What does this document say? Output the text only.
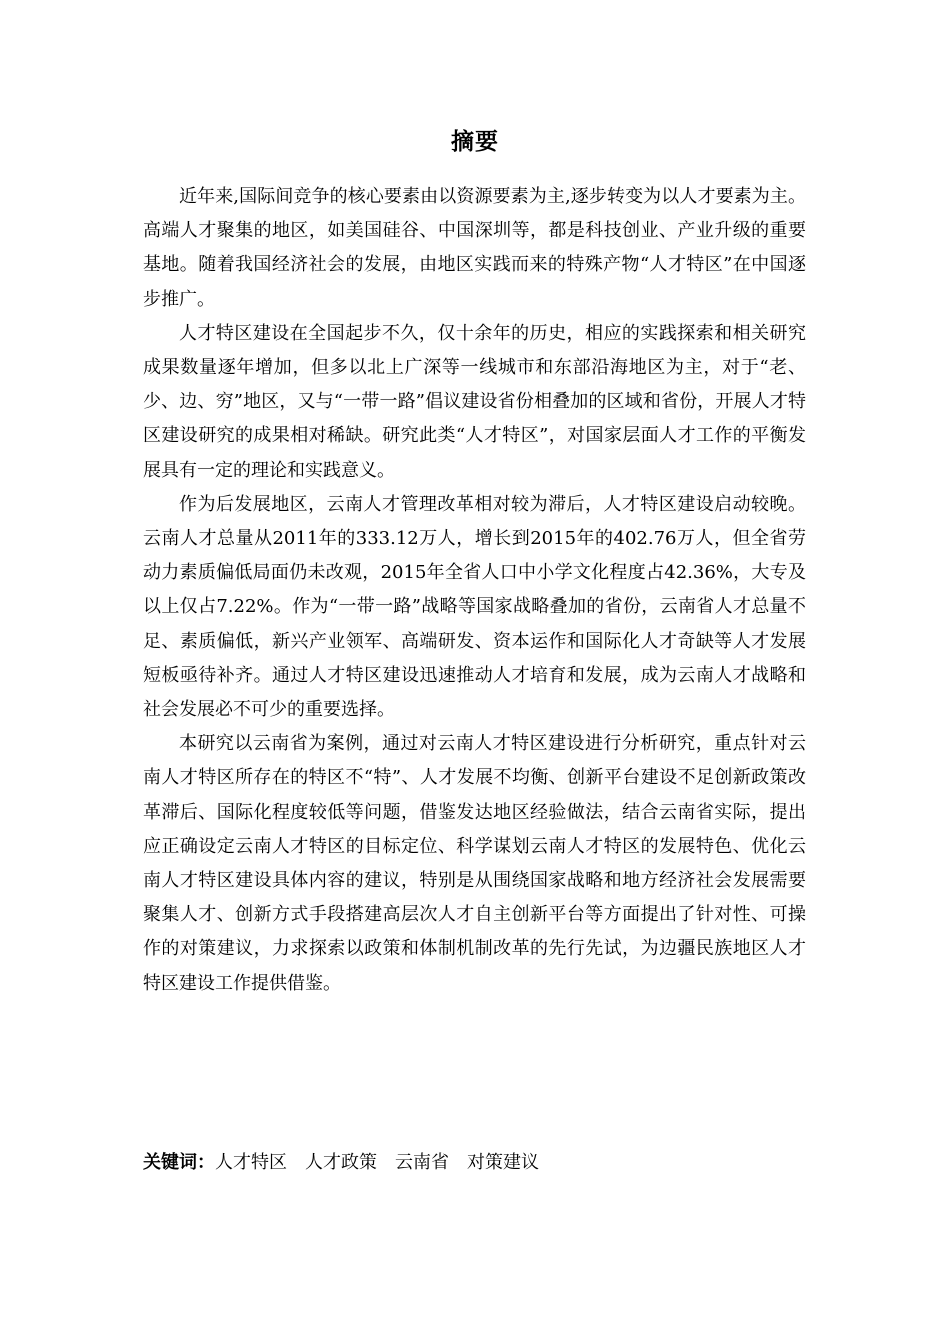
摘要

近年来,国际间竞争的核心要素由以资源要素为主,逐步转变为以人才要素为主。高端人才聚集的地区，如美国硅谷、中国深圳等，都是科技创业、产业升级的重要基地。随着我国经济社会的发展，由地区实践而来的特殊产物“人才特区”在中国逐步推广。

人才特区建设在全国起步不久，仅十余年的历史，相应的实践探索和相关研究成果数量逐年增加，但多以北上广深等一线城市和东部沿海地区为主，对于“老、少、边、穷”地区，又与“一带一路”倡议建设省份相叠加的区域和省份，开展人才特区建设研究的成果相对稀缺。研究此类“人才特区”，对国家层面人才工作的平衡发展具有一定的理论和实践意义。

作为后发展地区，云南人才管理改革相对较为滞后，人才特区建设启动较晚。云南人才总量从2011年的333.12万人，增长到2015年的402.76万人，但全省劳动力素质偏低局面仍未改观，2015年全省人口中小学文化程度占42.36%，大专及以上仅占7.22%。作为“一带一路”战略等国家战略叠加的省份，云南省人才总量不足、素质偏低，新兴产业领军、高端研发、资本运作和国际化人才奇缺等人才发展短板亟待补齐。通过人才特区建设迅速推动人才培育和发展，成为云南人才战略和社会发展必不可少的重要选择。

本研究以云南省为案例，通过对云南人才特区建设进行分析研究，重点针对云南人才特区所存在的特区不“特”、人才发展不均衡、创新平台建设不足创新政策改革滞后、国际化程度较低等问题，借鉴发达地区经验做法，结合云南省实际，提出应正确设定云南人才特区的目标定位、科学谋划云南人才特区的发展特色、优化云南人才特区建设具体内容的建议，特别是从围绕国家战略和地方经济社会发展需要聚集人才、创新方式手段搭建高层次人才自主创新平台等方面提出了针对性、可操作的对策建议，力求探索以政策和体制机制改革的先行先试，为边疆民族地区人才特区建设工作提供借鉴。

关键词：人才特区 人才政策 云南省 对策建议
